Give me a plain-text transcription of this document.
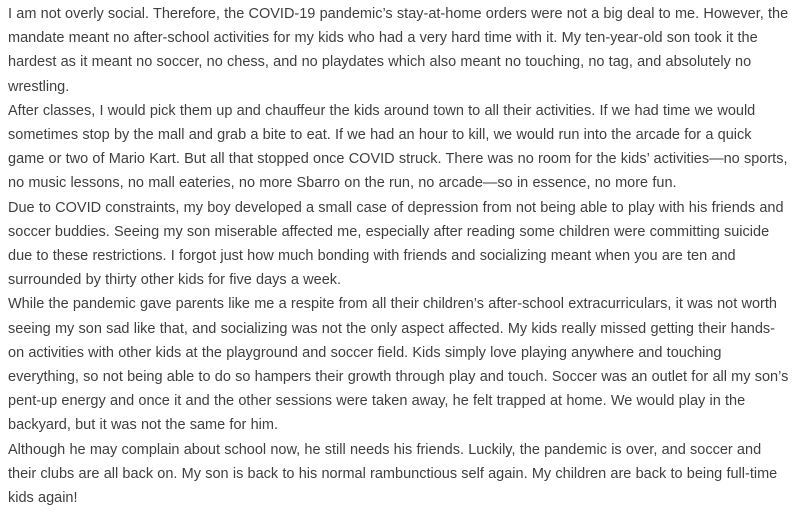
I am not overly social. Therefore, the COVID-19 pandemic’s stay-at-home orders were not a big deal to me. However, the mandate meant no after-school activities for my kids who had a very hard time with it. My ten-year-old son took it the hardest as it meant no soccer, no chess, and no playdates which also meant no touching, no tag, and absolutely no wrestling.

After classes, I would pick them up and chauffeur the kids around town to all their activities. If we had time we would sometimes stop by the mall and grab a bite to eat. If we had an hour to kill, we would run into the arcade for a quick game or two of Mario Kart. But all that stopped once COVID struck. There was no room for the kids’ activities—no sports, no music lessons, no mall eateries, no more Sbarro on the run, no arcade—so in essence, no more fun.

Due to COVID constraints, my boy developed a small case of depression from not being able to play with his friends and soccer buddies. Seeing my son miserable affected me, especially after reading some children were committing suicide due to these restrictions. I forgot just how much bonding with friends and socializing meant when you are ten and surrounded by thirty other kids for five days a week.

While the pandemic gave parents like me a respite from all their children’s after-school extracurriculars, it was not worth seeing my son sad like that, and socializing was not the only aspect affected. My kids really missed getting their hands-on activities with other kids at the playground and soccer field. Kids simply love playing anywhere and touching everything, so not being able to do so hampers their growth through play and touch. Soccer was an outlet for all my son’s pent-up energy and once it and the other sessions were taken away, he felt trapped at home. We would play in the backyard, but it was not the same for him.

Although he may complain about school now, he still needs his friends. Luckily, the pandemic is over, and soccer and their clubs are all back on. My son is back to his normal rambunctious self again. My children are back to being full-time kids again!
